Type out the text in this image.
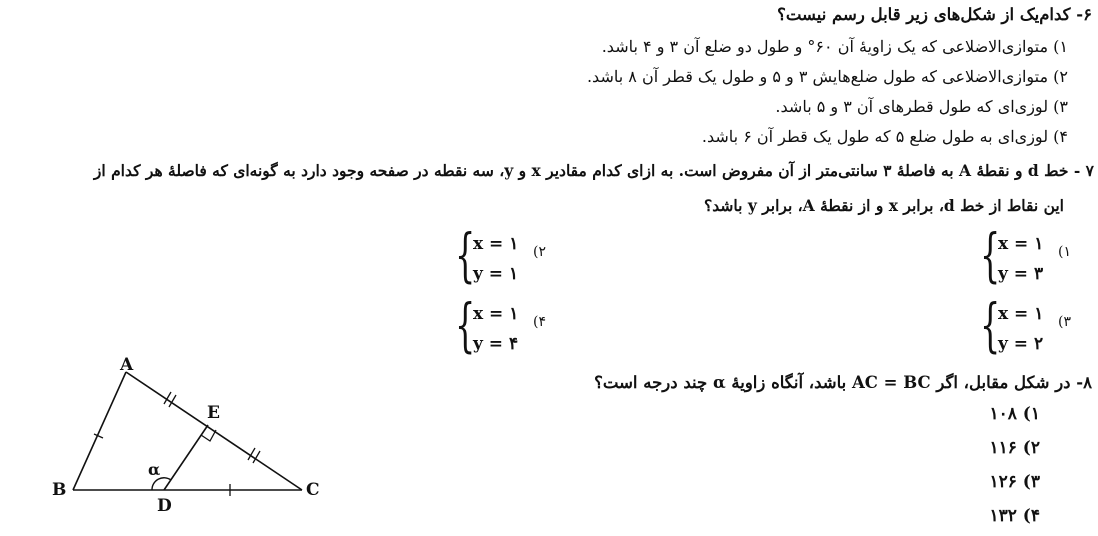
۶- کدام‌یک از شکل‌های زیر قابل رسم نیست؟
۱) متوازی‌الاضلاعی که یک زاویهٔ آن ۶۰° و طول دو ضلع آن ۳ و ۴ باشد.
۲) متوازی‌الاضلاعی که طول ضلع‌هایش ۳ و ۵ و طول یک قطر آن ۸ باشد.
۳) لوزی‌ای که طول قطرهای آن ۳ و ۵ باشد.
۴) لوزی‌ای به طول ضلع ۵ که طول یک قطر آن ۶ باشد.
۷ - خط d و نقطهٔ A به فاصلهٔ ۳ سانتی‌متر از آن مفروض است. به ازای کدام مقادیر x و y، سه نقطه در صفحه وجود دارد به گونه‌ای که فاصلهٔ هر کدام از
این نقاط از خط d، برابر x و از نقطهٔ A، برابر y باشد؟
{
x = ۱
y = ۳
۱)
{
x = ۱
y = ۱
۲)
{
x = ۱
y = ۲
۳)
{
x = ۱
y = ۴
۴)
۸- در شکل مقابل، اگر AC = BC باشد، آنگاه زاویهٔ α چند درجه است؟
۱۰۸ (۱
۱۱۶ (۲
۱۲۶ (۳
۱۳۲ (۴
A
B	C
D
E
α
